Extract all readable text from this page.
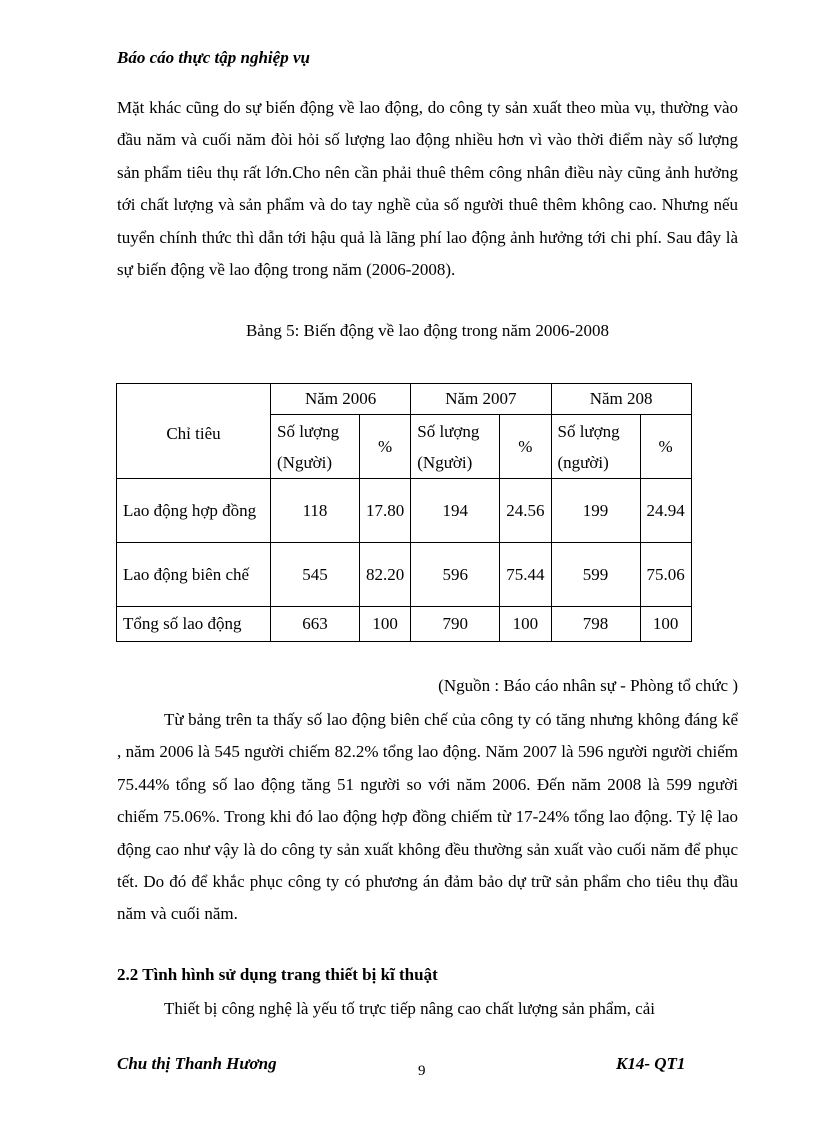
Báo cáo thực tập nghiệp vụ

Mặt khác cũng do sự biến động về lao động, do công ty sản xuất theo mùa vụ, thường vào đầu năm và cuối năm đòi hỏi số lượng lao động nhiều hơn vì vào thời điểm này số lượng sản phẩm tiêu thụ rất lớn.Cho nên cần phải thuê thêm công nhân điều này cũng ảnh hưởng tới chất lượng và sản phẩm và do tay nghề của số người thuê thêm không cao. Nhưng nếu tuyển chính thức thì dẫn tới hậu quả là lãng phí lao động ảnh hưởng tới chi phí. Sau đây là sự biến động về lao động trong năm (2006-2008).

Bảng 5: Biến động về lao động trong năm 2006-2008
Chỉ tiêu	Năm 2006		Năm 2007		Năm 208	
	Số lượng (Người)	%	Số lượng (Người)	%	Số lượng (người)	%
Lao động hợp đồng	118	17.80	194	24.56	199	24.94
Lao động biên chế	545	82.20	596	75.44	599	75.06
Tổng số lao động	663	100	790	100	798	100
(Nguồn : Báo cáo nhân sự - Phòng tổ chức )

Từ bảng trên ta thấy số lao động biên chế của công ty có tăng nhưng không đáng kể , năm 2006 là 545 người chiếm 82.2% tổng lao động. Năm 2007 là 596 người người chiếm 75.44% tổng số lao động tăng 51 người so với năm 2006. Đến năm 2008 là 599 người chiếm 75.06%. Trong khi đó lao động hợp đồng chiếm từ 17-24% tổng lao động. Tỷ lệ lao động cao như vậy là do công ty sản xuất không đều thường sản xuất vào cuối năm để phục tết. Do đó để khắc phục công ty có phương án đảm bảo dự trữ sản phẩm cho tiêu thụ đầu năm và cuối năm.

2.2 Tình hình sử dụng trang thiết bị kĩ thuật

Thiết bị công nghệ là yếu tố trực tiếp nâng cao chất lượng sản phẩm, cải

Chu thị Thanh Hương	9	K14- QT1
